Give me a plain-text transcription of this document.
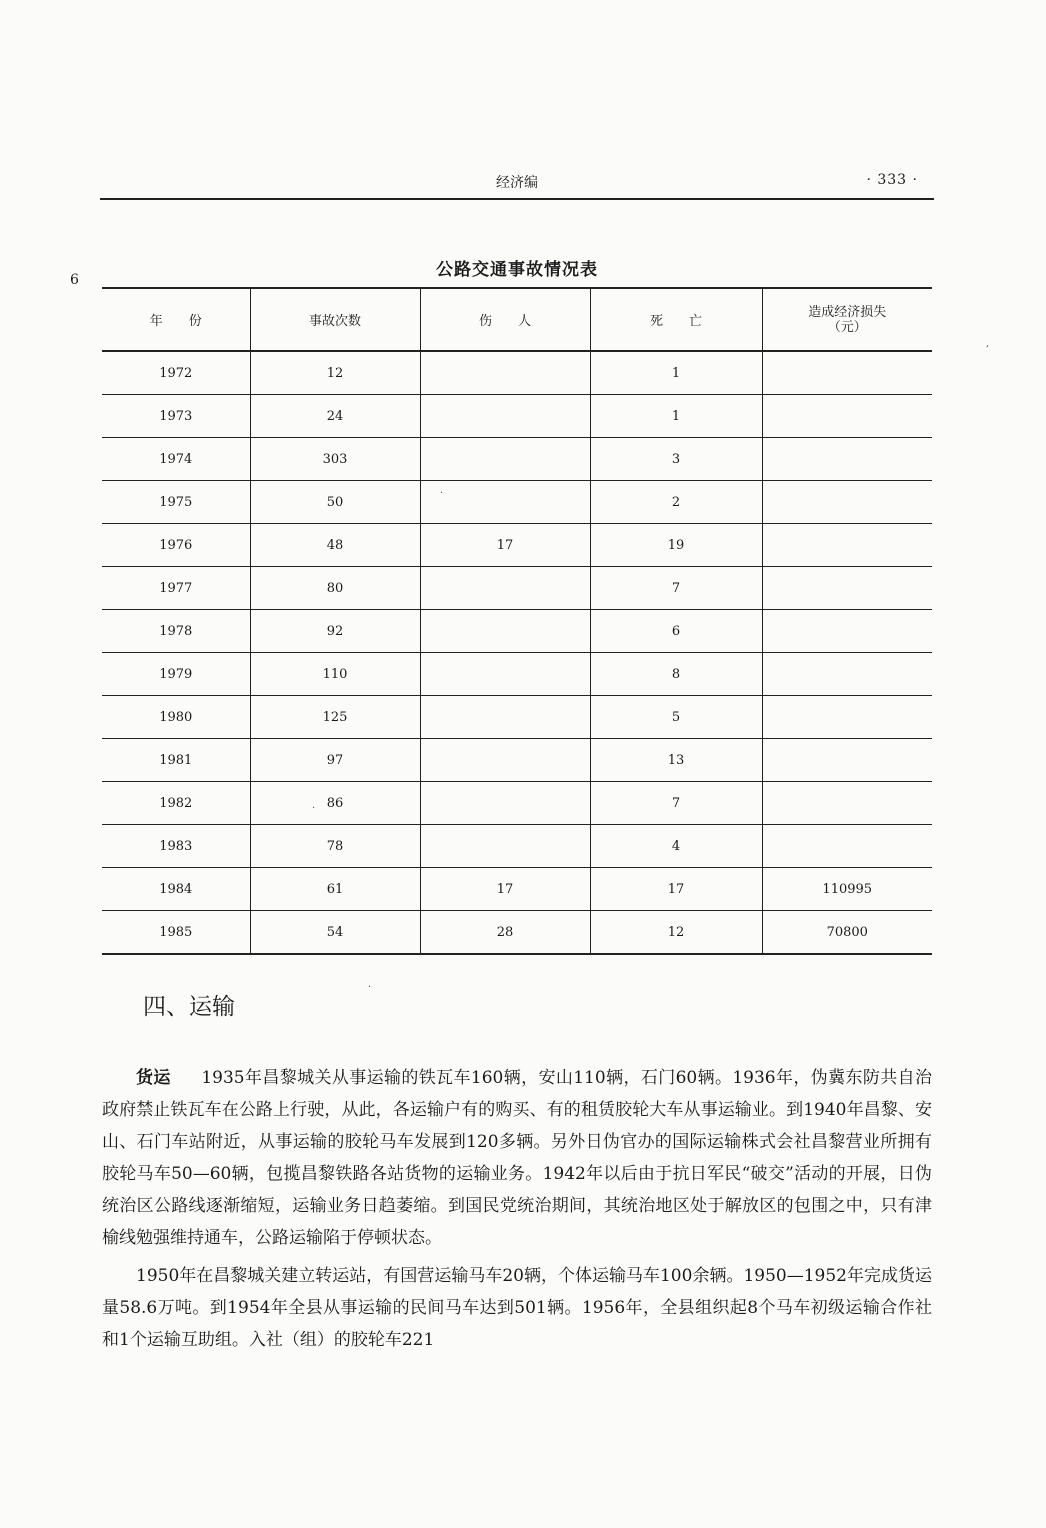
经济编	· 333 ·
6	公路交通事故情况表
年　　份	事故次数	伤　　人	死　　亡	造成经济损失
（元）

1972	12		1	
1973	24		1	
1974	303		3	
1975	50		2	
1976	48	17	19	
1977	80		7	
1978	92		6	
1979	110		8	
1980	125		5	
1981	97		13	
1982	86		7	
1983	78		4	
1984	61	17	17	110995
1985	54	28	12	70800
·
·
·
,
四、运输

货运 1935年昌黎城关从事运输的铁瓦车160辆，安山110辆，石门60辆。1936年，伪冀东防共自治政府禁止铁瓦车在公路上行驶，从此，各运输户有的购买、有的租赁胶轮大车从事运输业。到1940年昌黎、安山、石门车站附近，从事运输的胶轮马车发展到120多辆。另外日伪官办的国际运输株式会社昌黎营业所拥有胶轮马车50—60辆，包揽昌黎铁路各站货物的运输业务。1942年以后由于抗日军民“破交”活动的开展，日伪统治区公路线逐渐缩短，运输业务日趋萎缩。到国民党统治期间，其统治地区处于解放区的包围之中，只有津榆线勉强维持通车，公路运输陷于停顿状态。

1950年在昌黎城关建立转运站，有国营运输马车20辆，个体运输马车100余辆。1950—1952年完成货运量58.6万吨。到1954年全县从事运输的民间马车达到501辆。1956年，全县组织起8个马车初级运输合作社和1个运输互助组。入社（组）的胶轮车221
